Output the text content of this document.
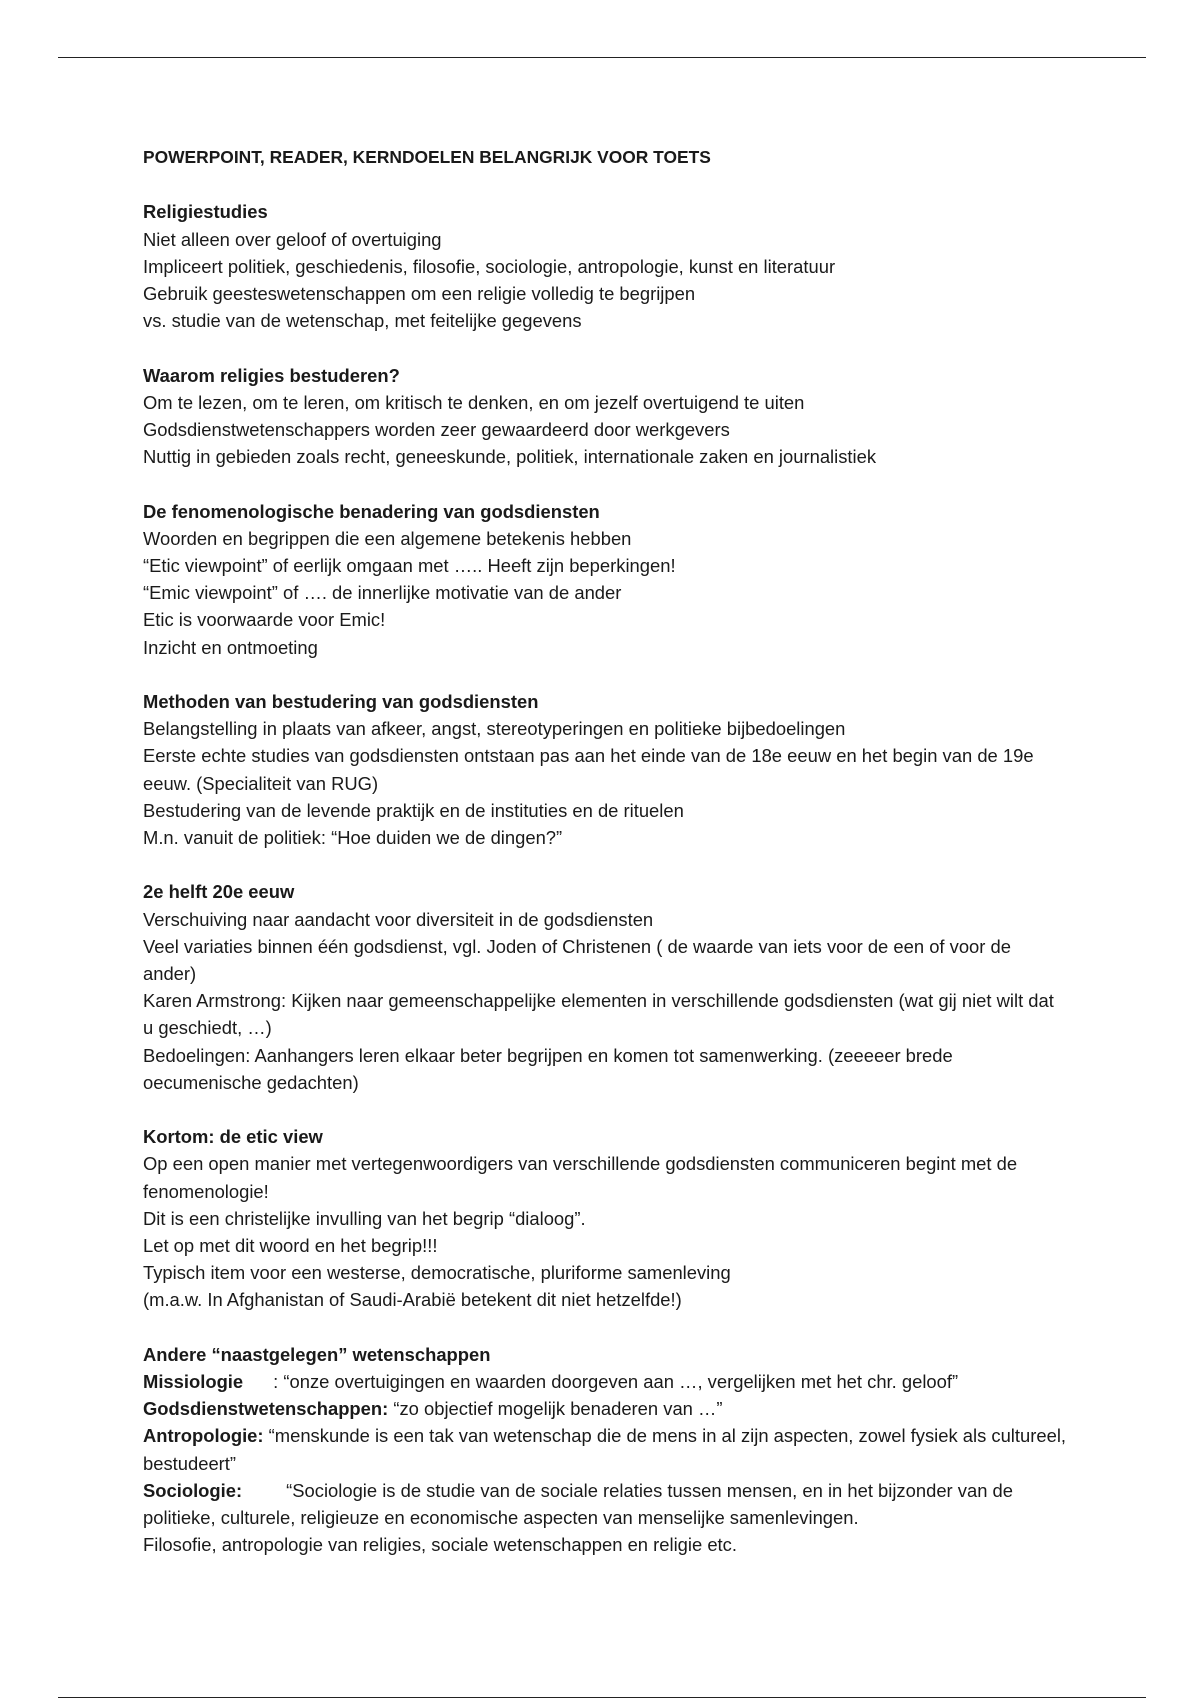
POWERPOINT, READER, KERNDOELEN BELANGRIJK VOOR TOETS

Religiestudies

Niet alleen over geloof of overtuiging

Impliceert politiek, geschiedenis, filosofie, sociologie, antropologie, kunst en literatuur

Gebruik geesteswetenschappen om een religie volledig te begrijpen

vs. studie van de wetenschap, met feitelijke gegevens

Waarom religies bestuderen?

Om te lezen, om te leren, om kritisch te denken, en om jezelf overtuigend te uiten

Godsdienstwetenschappers worden zeer gewaardeerd door werkgevers

Nuttig in gebieden zoals recht, geneeskunde, politiek, internationale zaken en journalistiek

De fenomenologische benadering van godsdiensten

Woorden en begrippen die een algemene betekenis hebben

“Etic viewpoint” of eerlijk omgaan met ….. Heeft zijn beperkingen!

“Emic viewpoint” of …. de innerlijke motivatie van de ander

Etic is voorwaarde voor Emic!

Inzicht en ontmoeting

Methoden van bestudering van godsdiensten

Belangstelling in plaats van afkeer, angst, stereotyperingen en politieke bijbedoelingen

Eerste echte studies van godsdiensten ontstaan pas aan het einde van de 18e eeuw en het begin van de 19e eeuw. (Specialiteit van RUG)

Bestudering van de levende praktijk en de instituties en de rituelen

M.n. vanuit de politiek: “Hoe duiden we de dingen?”

2e helft 20e eeuw

Verschuiving naar aandacht voor diversiteit in de godsdiensten

Veel variaties binnen één godsdienst, vgl. Joden of Christenen ( de waarde van iets voor de een of voor de ander)

Karen Armstrong: Kijken naar gemeenschappelijke elementen in verschillende godsdiensten (wat gij niet wilt dat u geschiedt, …)

Bedoelingen: Aanhangers leren elkaar beter begrijpen en komen tot samenwerking. (zeeeeer brede oecumenische gedachten)

Kortom: de etic view

Op een open manier met vertegenwoordigers van verschillende godsdiensten communiceren begint met de fenomenologie!

Dit is een christelijke invulling van het begrip “dialoog”.

Let op met dit woord en het begrip!!!

Typisch item voor een westerse, democratische, pluriforme samenleving

(m.a.w. In Afghanistan of Saudi-Arabië betekent dit niet hetzelfde!)

Andere “naastgelegen” wetenschappen

Missiologie : “onze overtuigingen en waarden doorgeven aan …, vergelijken met het chr. geloof”

Godsdienstwetenschappen: “zo objectief mogelijk benaderen van …”

Antropologie: “menskunde is een tak van wetenschap die de mens in al zijn aspecten, zowel fysiek als cultureel, bestudeert”

Sociologie: “Sociologie is de studie van de sociale relaties tussen mensen, en in het bijzonder van de politieke, culturele, religieuze en economische aspecten van menselijke samenlevingen.

Filosofie, antropologie van religies, sociale wetenschappen en religie etc.
